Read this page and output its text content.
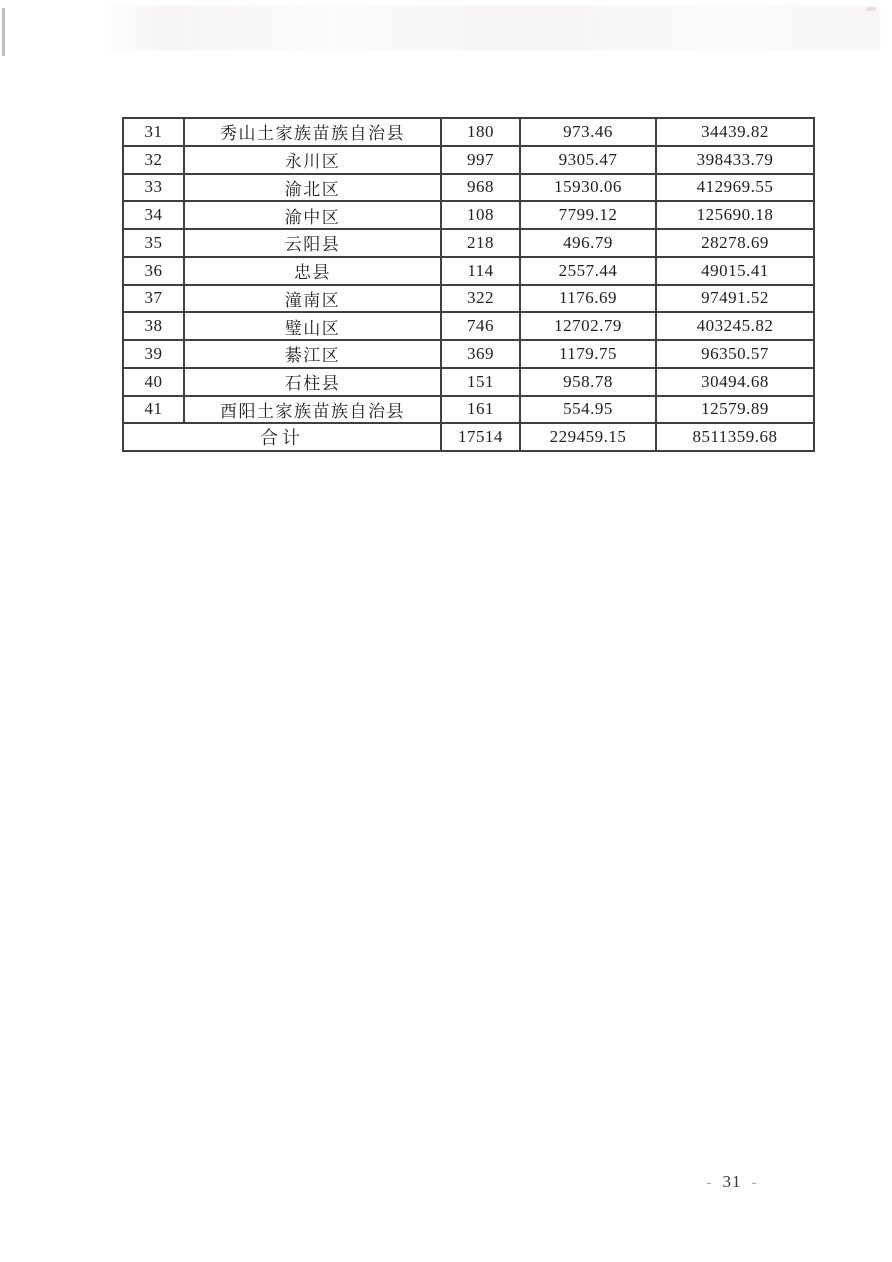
31	秀山土家族苗族自治县	180	973.46	34439.82
32	永川区	997	9305.47	398433.79
33	渝北区	968	15930.06	412969.55
34	渝中区	108	7799.12	125690.18
35	云阳县	218	496.79	28278.69
36	忠县	114	2557.44	49015.41
37	潼南区	322	1176.69	97491.52
38	璧山区	746	12702.79	403245.82
39	綦江区	369	1179.75	96350.57
40	石柱县	151	958.78	30494.68
41	酉阳土家族苗族自治县	161	554.95	12579.89
合计		17514	229459.15	8511359.68
- 31 -
